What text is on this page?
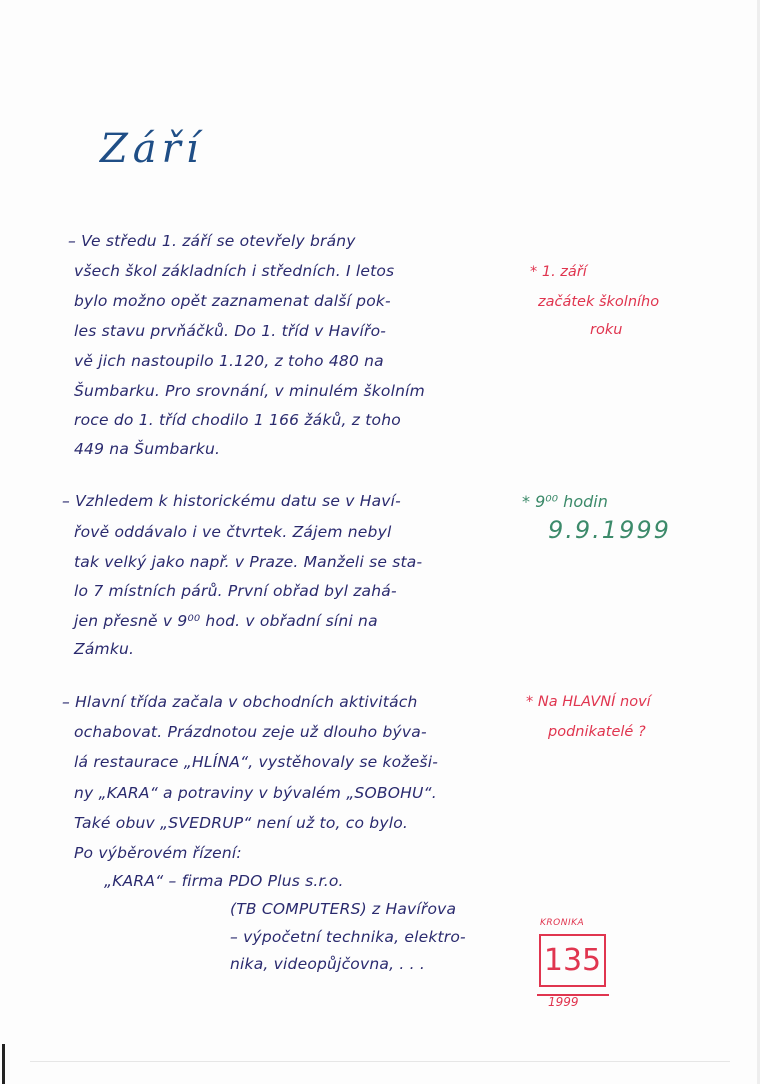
Září
– Ve středu 1. září se otevřely brány
všech škol základních i středních. I letos
bylo možno opět zaznamenat další pok-
les stavu prvňáčků. Do 1. tříd v Havířo-
vě jich nastoupilo 1.120, z toho 480 na
Šumbarku. Pro srovnání, v minulém školním
roce do 1. tříd chodilo 1 166 žáků, z toho
449 na Šumbarku.
– Vzhledem k historickému datu se v Haví-
řově oddávalo i ve čtvrtek. Zájem nebyl
tak velký jako např. v Praze. Manželi se sta-
lo 7 místních párů. První obřad byl zahá-
jen přesně v 9⁰⁰ hod. v obřadní síni na
Zámku.
– Hlavní třída začala v obchodních aktivitách
ochabovat. Prázdnotou zeje už dlouho býva-
lá restaurace „HLÍNA“, vystěhovaly se kožeši-
ny „KARA“ a potraviny v bývalém „SOBOHU“.
Také obuv „SVEDRUP“ není už to, co bylo.
Po výběrovém řízení:
„KARA“ – firma PDO Plus s.r.o.
(TB COMPUTERS) z Havířova
– výpočetní technika, elektro-
nika, videopůjčovna, . . .
* 1. září
začátek školního
roku
* 9⁰⁰ hodin
9.9.1999
* Na HLAVNÍ noví
podnikatelé ?
KRONIKA
135
1999
